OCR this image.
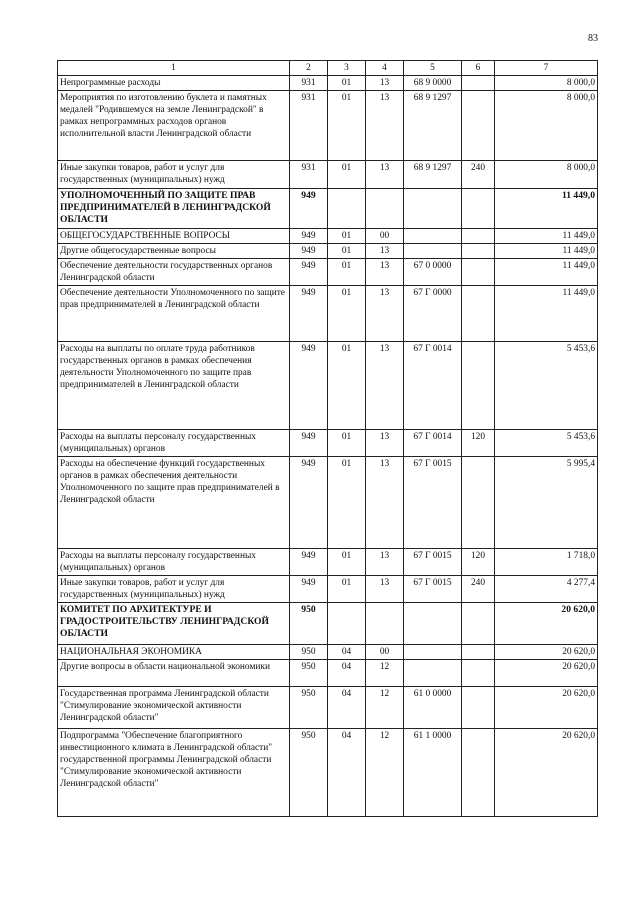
83
1	2	3	4	5	6	7
Непрограммные расходы	931	01	13	68 9 0000		8 000,0
Мероприятия по изготовлению буклета и памятных медалей "Родившемуся на земле Ленинградской" в рамках непрограммных расходов органов исполнительной власти Ленинградской области	931	01	13	68 9 1297		8 000,0
Иные закупки товаров, работ и услуг для государственных (муниципальных) нужд	931	01	13	68 9 1297	240	8 000,0
УПОЛНОМОЧЕННЫЙ ПО ЗАЩИТЕ ПРАВ ПРЕДПРИНИМАТЕЛЕЙ В ЛЕНИНГРАДСКОЙ ОБЛАСТИ	949					11 449,0
ОБЩЕГОСУДАРСТВЕННЫЕ ВОПРОСЫ	949	01	00			11 449,0
Другие общегосударственные вопросы	949	01	13			11 449,0
Обеспечение деятельности государственных органов Ленинградской области	949	01	13	67 0 0000		11 449,0
Обеспечение деятельности Уполномоченного по защите прав предпринимателей в Ленинградской области	949	01	13	67 Г 0000		11 449,0
Расходы на выплаты по оплате труда работников государственных органов в рамках обеспечения деятельности Уполномоченного по защите прав предпринимателей в Ленинградской области	949	01	13	67 Г 0014		5 453,6
Расходы на выплаты персоналу государственных (муниципальных) органов	949	01	13	67 Г 0014	120	5 453,6
Расходы на обеспечение функций государственных органов в рамках обеспечения деятельности Уполномоченного по защите прав предпринимателей в Ленинградской области	949	01	13	67 Г 0015		5 995,4
Расходы на выплаты персоналу государственных (муниципальных) органов	949	01	13	67 Г 0015	120	1 718,0
Иные закупки товаров, работ и услуг для государственных (муниципальных) нужд	949	01	13	67 Г 0015	240	4 277,4
КОМИТЕТ ПО АРХИТЕКТУРЕ И ГРАДОСТРОИТЕЛЬСТВУ ЛЕНИНГРАДСКОЙ ОБЛАСТИ	950					20 620,0
НАЦИОНАЛЬНАЯ ЭКОНОМИКА	950	04	00			20 620,0
Другие вопросы в области национальной экономики	950	04	12			20 620,0
Государственная программа Ленинградской области "Стимулирование экономической активности Ленинградской области"	950	04	12	61 0 0000		20 620,0
Подпрограмма "Обеспечение благоприятного инвестиционного климата в Ленинградской области" государственной программы Ленинградской области "Стимулирование экономической активности Ленинградской области"	950	04	12	61 1 0000		20 620,0
